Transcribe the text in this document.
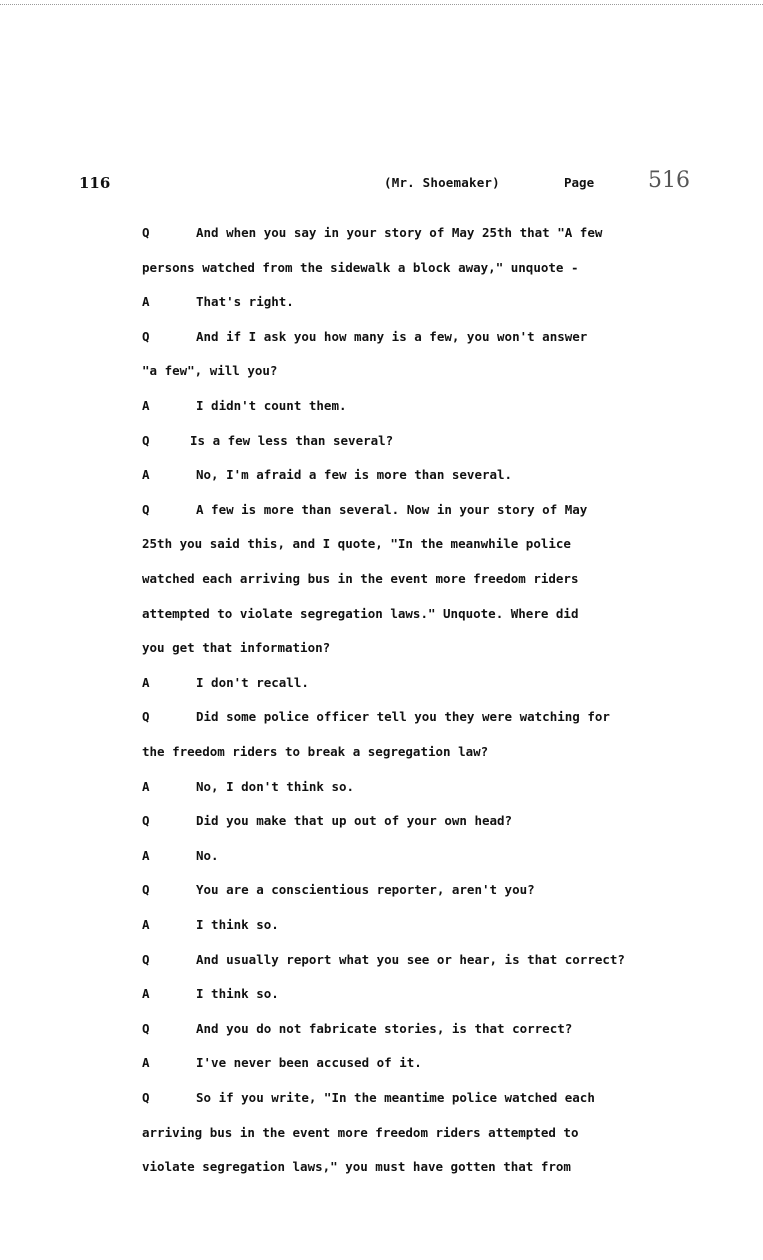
116	(Mr. Shoemaker)	Page 516
Q	And when you say in your story of May 25th that "A few
persons watched from the sidewalk a block away," unquote -
A	That's right.
Q	And if I ask you how many is a few, you won't answer
"a few", will you?
A	I didn't count them.
Q	Is a few less than several?
A	No, I'm afraid a few is more than several.
Q	A few is more than several. Now in your story of May
25th you said this, and I quote, "In the meanwhile police
watched each arriving bus in the event more freedom riders
attempted to violate segregation laws." Unquote. Where did
you get that information?
A	I don't recall.
Q	Did some police officer tell you they were watching for
the freedom riders to break a segregation law?
A	No, I don't think so.
Q	Did you make that up out of your own head?
A	No.
Q	You are a conscientious reporter, aren't you?
A	I think so.
Q	And usually report what you see or hear, is that correct?
A	I think so.
Q	And you do not fabricate stories, is that correct?
A	I've never been accused of it.
Q	So if you write, "In the meantime police watched each
arriving bus in the event more freedom riders attempted to
violate segregation laws," you must have gotten that from
